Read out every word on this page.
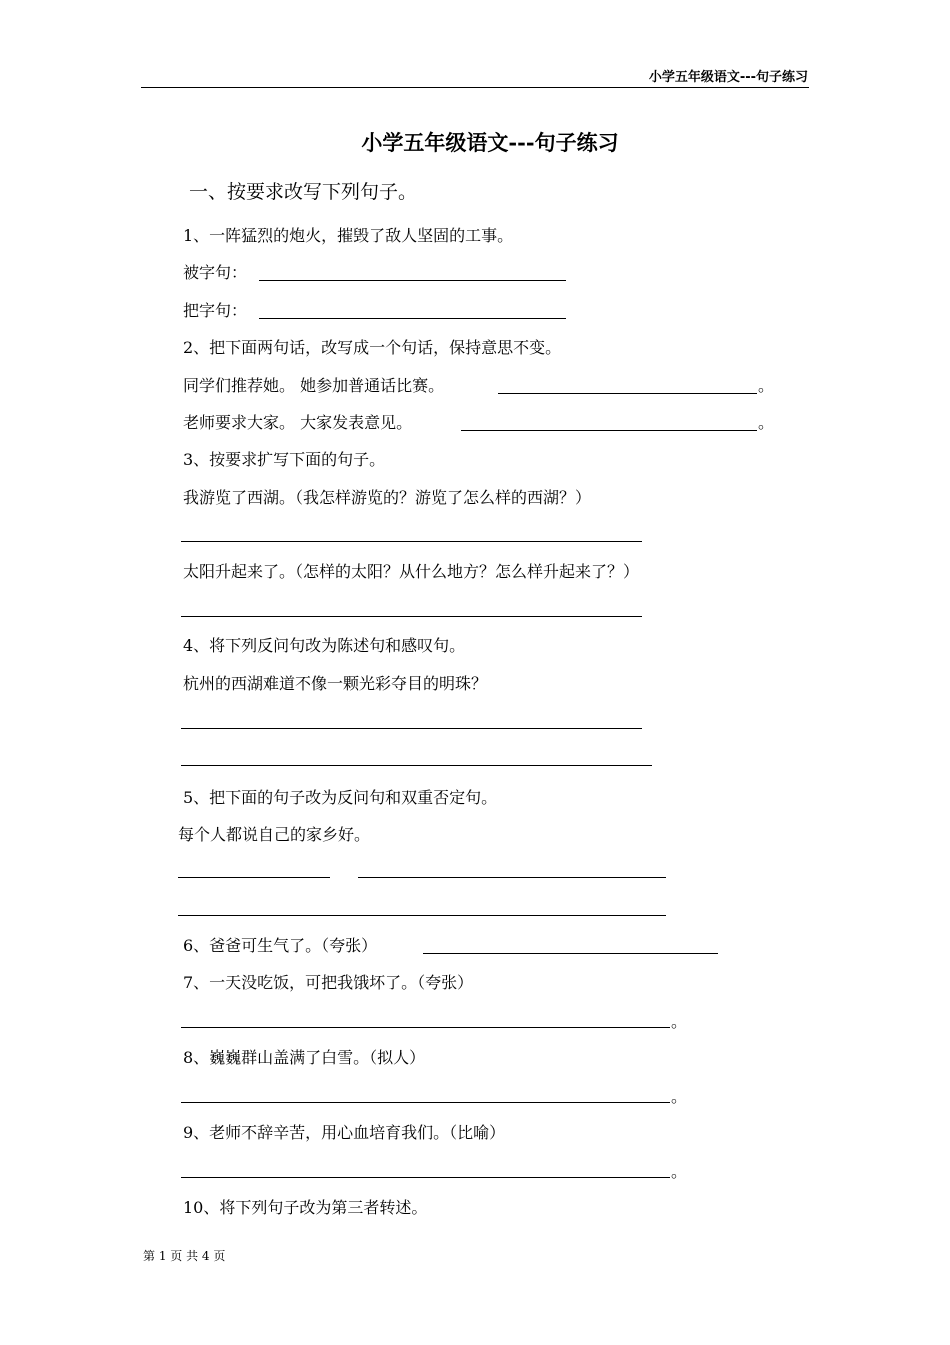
小学五年级语文---句子练习
小学五年级语文---句子练习
一、按要求改写下列句子。
1、一阵猛烈的炮火，摧毁了敌人坚固的工事。
被字句：
把字句：
2、把下面两句话，改写成一个句话，保持意思不变。
同学们推荐她。 她参加普通话比赛。	。
老师要求大家。 大家发表意见。	。
3、按要求扩写下面的句子。
我游览了西湖。（我怎样游览的？游览了怎么样的西湖？）
太阳升起来了。（怎样的太阳？从什么地方？怎么样升起来了？）
4、将下列反问句改为陈述句和感叹句。
杭州的西湖难道不像一颗光彩夺目的明珠？
5、把下面的句子改为反问句和双重否定句。
每个人都说自己的家乡好。
6、爸爸可生气了。（夸张）
7、一天没吃饭，可把我饿坏了。（夸张）
。
8、巍巍群山盖满了白雪。（拟人）
。
9、老师不辞辛苦，用心血培育我们。（比喻）
。
10、将下列句子改为第三者转述。
第 1 页 共 4 页
